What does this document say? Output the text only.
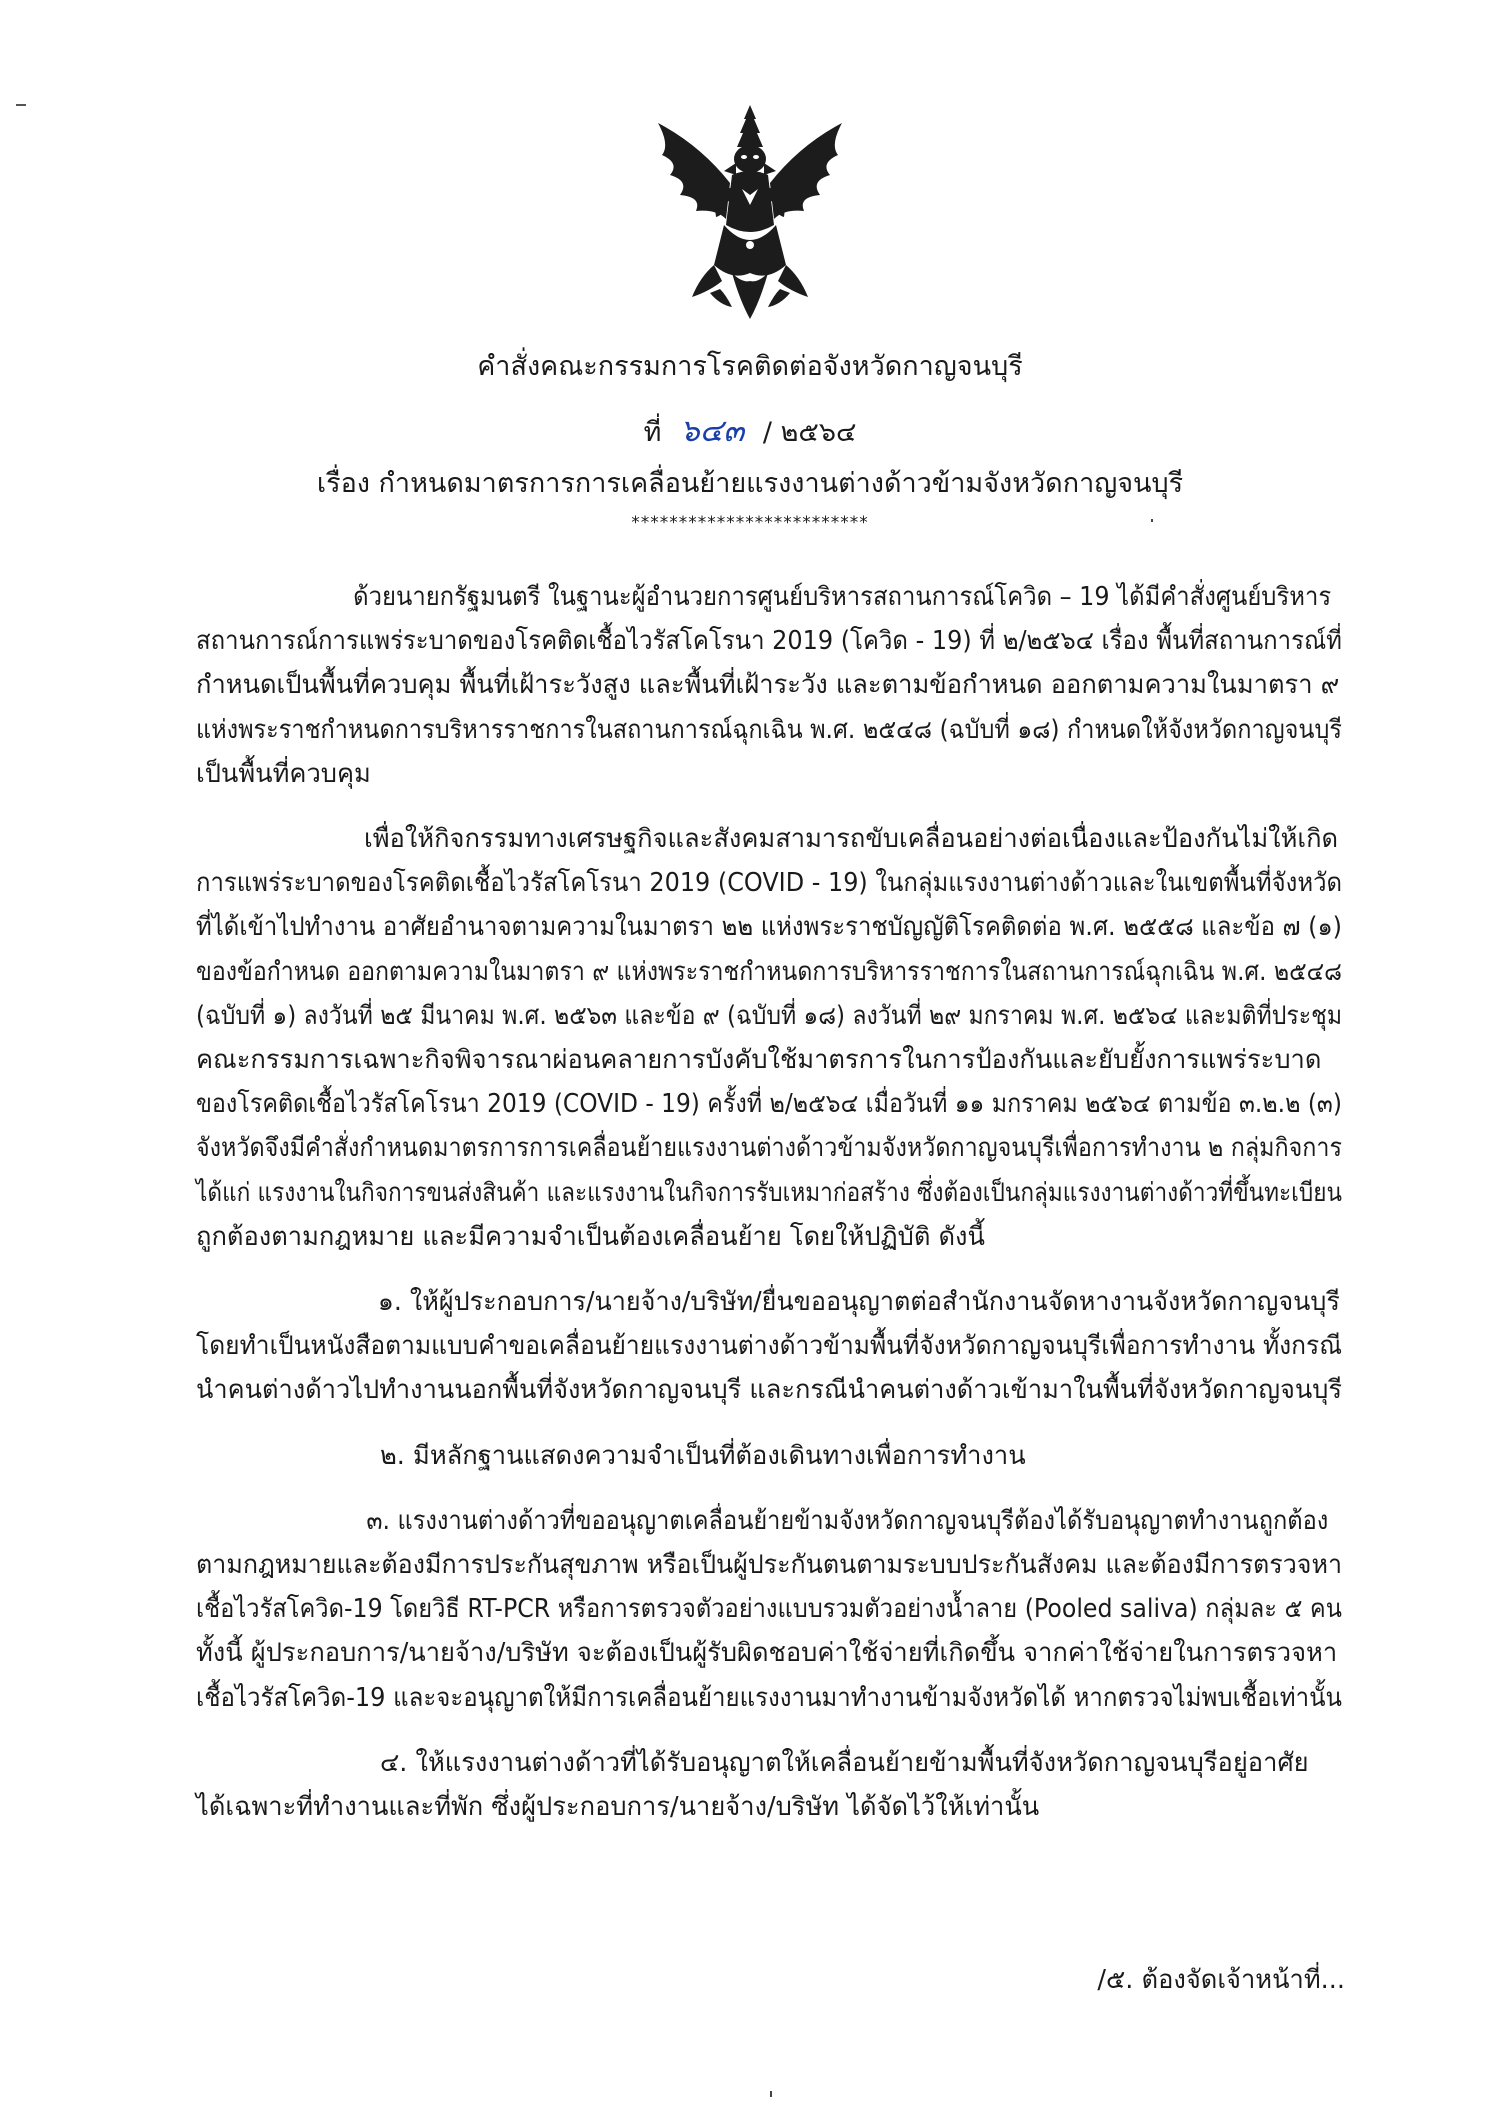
คำสั่งคณะกรรมการโรคติดต่อจังหวัดกาญจนบุรี
ที่ ๖๔๓ / ๒๕๖๔
เรื่อง กำหนดมาตรการการเคลื่อนย้ายแรงงานต่างด้าวข้ามจังหวัดกาญจนบุรี
*************************

ด้วยนายกรัฐมนตรี ในฐานะผู้อำนวยการศูนย์บริหารสถานการณ์โควิด – 19 ได้มีคำสั่งศูนย์บริหาร
สถานการณ์การแพร่ระบาดของโรคติดเชื้อไวรัสโคโรนา 2019 (โควิด - 19) ที่ ๒/๒๕๖๔ เรื่อง พื้นที่สถานการณ์ที่
กำหนดเป็นพื้นที่ควบคุม พื้นที่เฝ้าระวังสูง และพื้นที่เฝ้าระวัง และตามข้อกำหนด ออกตามความในมาตรา ๙
แห่งพระราชกำหนดการบริหารราชการในสถานการณ์ฉุกเฉิน พ.ศ. ๒๕๔๘ (ฉบับที่ ๑๘) กำหนดให้จังหวัดกาญจนบุรี
เป็นพื้นที่ควบคุม

เพื่อให้กิจกรรมทางเศรษฐกิจและสังคมสามารถขับเคลื่อนอย่างต่อเนื่องและป้องกันไม่ให้เกิด
การแพร่ระบาดของโรคติดเชื้อไวรัสโคโรนา 2019 (COVID - 19) ในกลุ่มแรงงานต่างด้าวและในเขตพื้นที่จังหวัด
ที่ได้เข้าไปทำงาน อาศัยอำนาจตามความในมาตรา ๒๒ แห่งพระราชบัญญัติโรคติดต่อ พ.ศ. ๒๕๕๘ และข้อ ๗ (๑)
ของข้อกำหนด ออกตามความในมาตรา ๙ แห่งพระราชกำหนดการบริหารราชการในสถานการณ์ฉุกเฉิน พ.ศ. ๒๕๔๘
(ฉบับที่ ๑) ลงวันที่ ๒๕ มีนาคม พ.ศ. ๒๕๖๓ และข้อ ๙ (ฉบับที่ ๑๘) ลงวันที่ ๒๙ มกราคม พ.ศ. ๒๕๖๔ และมติที่ประชุม
คณะกรรมการเฉพาะกิจพิจารณาผ่อนคลายการบังคับใช้มาตรการในการป้องกันและยับยั้งการแพร่ระบาด
ของโรคติดเชื้อไวรัสโคโรนา 2019 (COVID - 19) ครั้งที่ ๒/๒๕๖๔ เมื่อวันที่ ๑๑ มกราคม ๒๕๖๔ ตามข้อ ๓.๒.๒ (๓)
จังหวัดจึงมีคำสั่งกำหนดมาตรการการเคลื่อนย้ายแรงงานต่างด้าวข้ามจังหวัดกาญจนบุรีเพื่อการทำงาน ๒ กลุ่มกิจการ
ได้แก่ แรงงานในกิจการขนส่งสินค้า และแรงงานในกิจการรับเหมาก่อสร้าง ซึ่งต้องเป็นกลุ่มแรงงานต่างด้าวที่ขึ้นทะเบียน
ถูกต้องตามกฎหมาย และมีความจำเป็นต้องเคลื่อนย้าย โดยให้ปฏิบัติ ดังนี้

๑. ให้ผู้ประกอบการ/นายจ้าง/บริษัท/ยื่นขออนุญาตต่อสำนักงานจัดหางานจังหวัดกาญจนบุรี
โดยทำเป็นหนังสือตามแบบคำขอเคลื่อนย้ายแรงงานต่างด้าวข้ามพื้นที่จังหวัดกาญจนบุรีเพื่อการทำงาน ทั้งกรณี
นำคนต่างด้าวไปทำงานนอกพื้นที่จังหวัดกาญจนบุรี และกรณีนำคนต่างด้าวเข้ามาในพื้นที่จังหวัดกาญจนบุรี

๒. มีหลักฐานแสดงความจำเป็นที่ต้องเดินทางเพื่อการทำงาน

๓. แรงงานต่างด้าวที่ขออนุญาตเคลื่อนย้ายข้ามจังหวัดกาญจนบุรีต้องได้รับอนุญาตทำงานถูกต้อง
ตามกฎหมายและต้องมีการประกันสุขภาพ หรือเป็นผู้ประกันตนตามระบบประกันสังคม และต้องมีการตรวจหา
เชื้อไวรัสโควิด-19 โดยวิธี RT-PCR หรือการตรวจตัวอย่างแบบรวมตัวอย่างน้ำลาย (Pooled saliva) กลุ่มละ ๕ คน
ทั้งนี้ ผู้ประกอบการ/นายจ้าง/บริษัท จะต้องเป็นผู้รับผิดชอบค่าใช้จ่ายที่เกิดขึ้น จากค่าใช้จ่ายในการตรวจหา
เชื้อไวรัสโควิด-19 และจะอนุญาตให้มีการเคลื่อนย้ายแรงงานมาทำงานข้ามจังหวัดได้ หากตรวจไม่พบเชื้อเท่านั้น

๔. ให้แรงงานต่างด้าวที่ได้รับอนุญาตให้เคลื่อนย้ายข้ามพื้นที่จังหวัดกาญจนบุรีอยู่อาศัย
ได้เฉพาะที่ทำงานและที่พัก ซึ่งผู้ประกอบการ/นายจ้าง/บริษัท ได้จัดไว้ให้เท่านั้น

/๕. ต้องจัดเจ้าหน้าที่...
